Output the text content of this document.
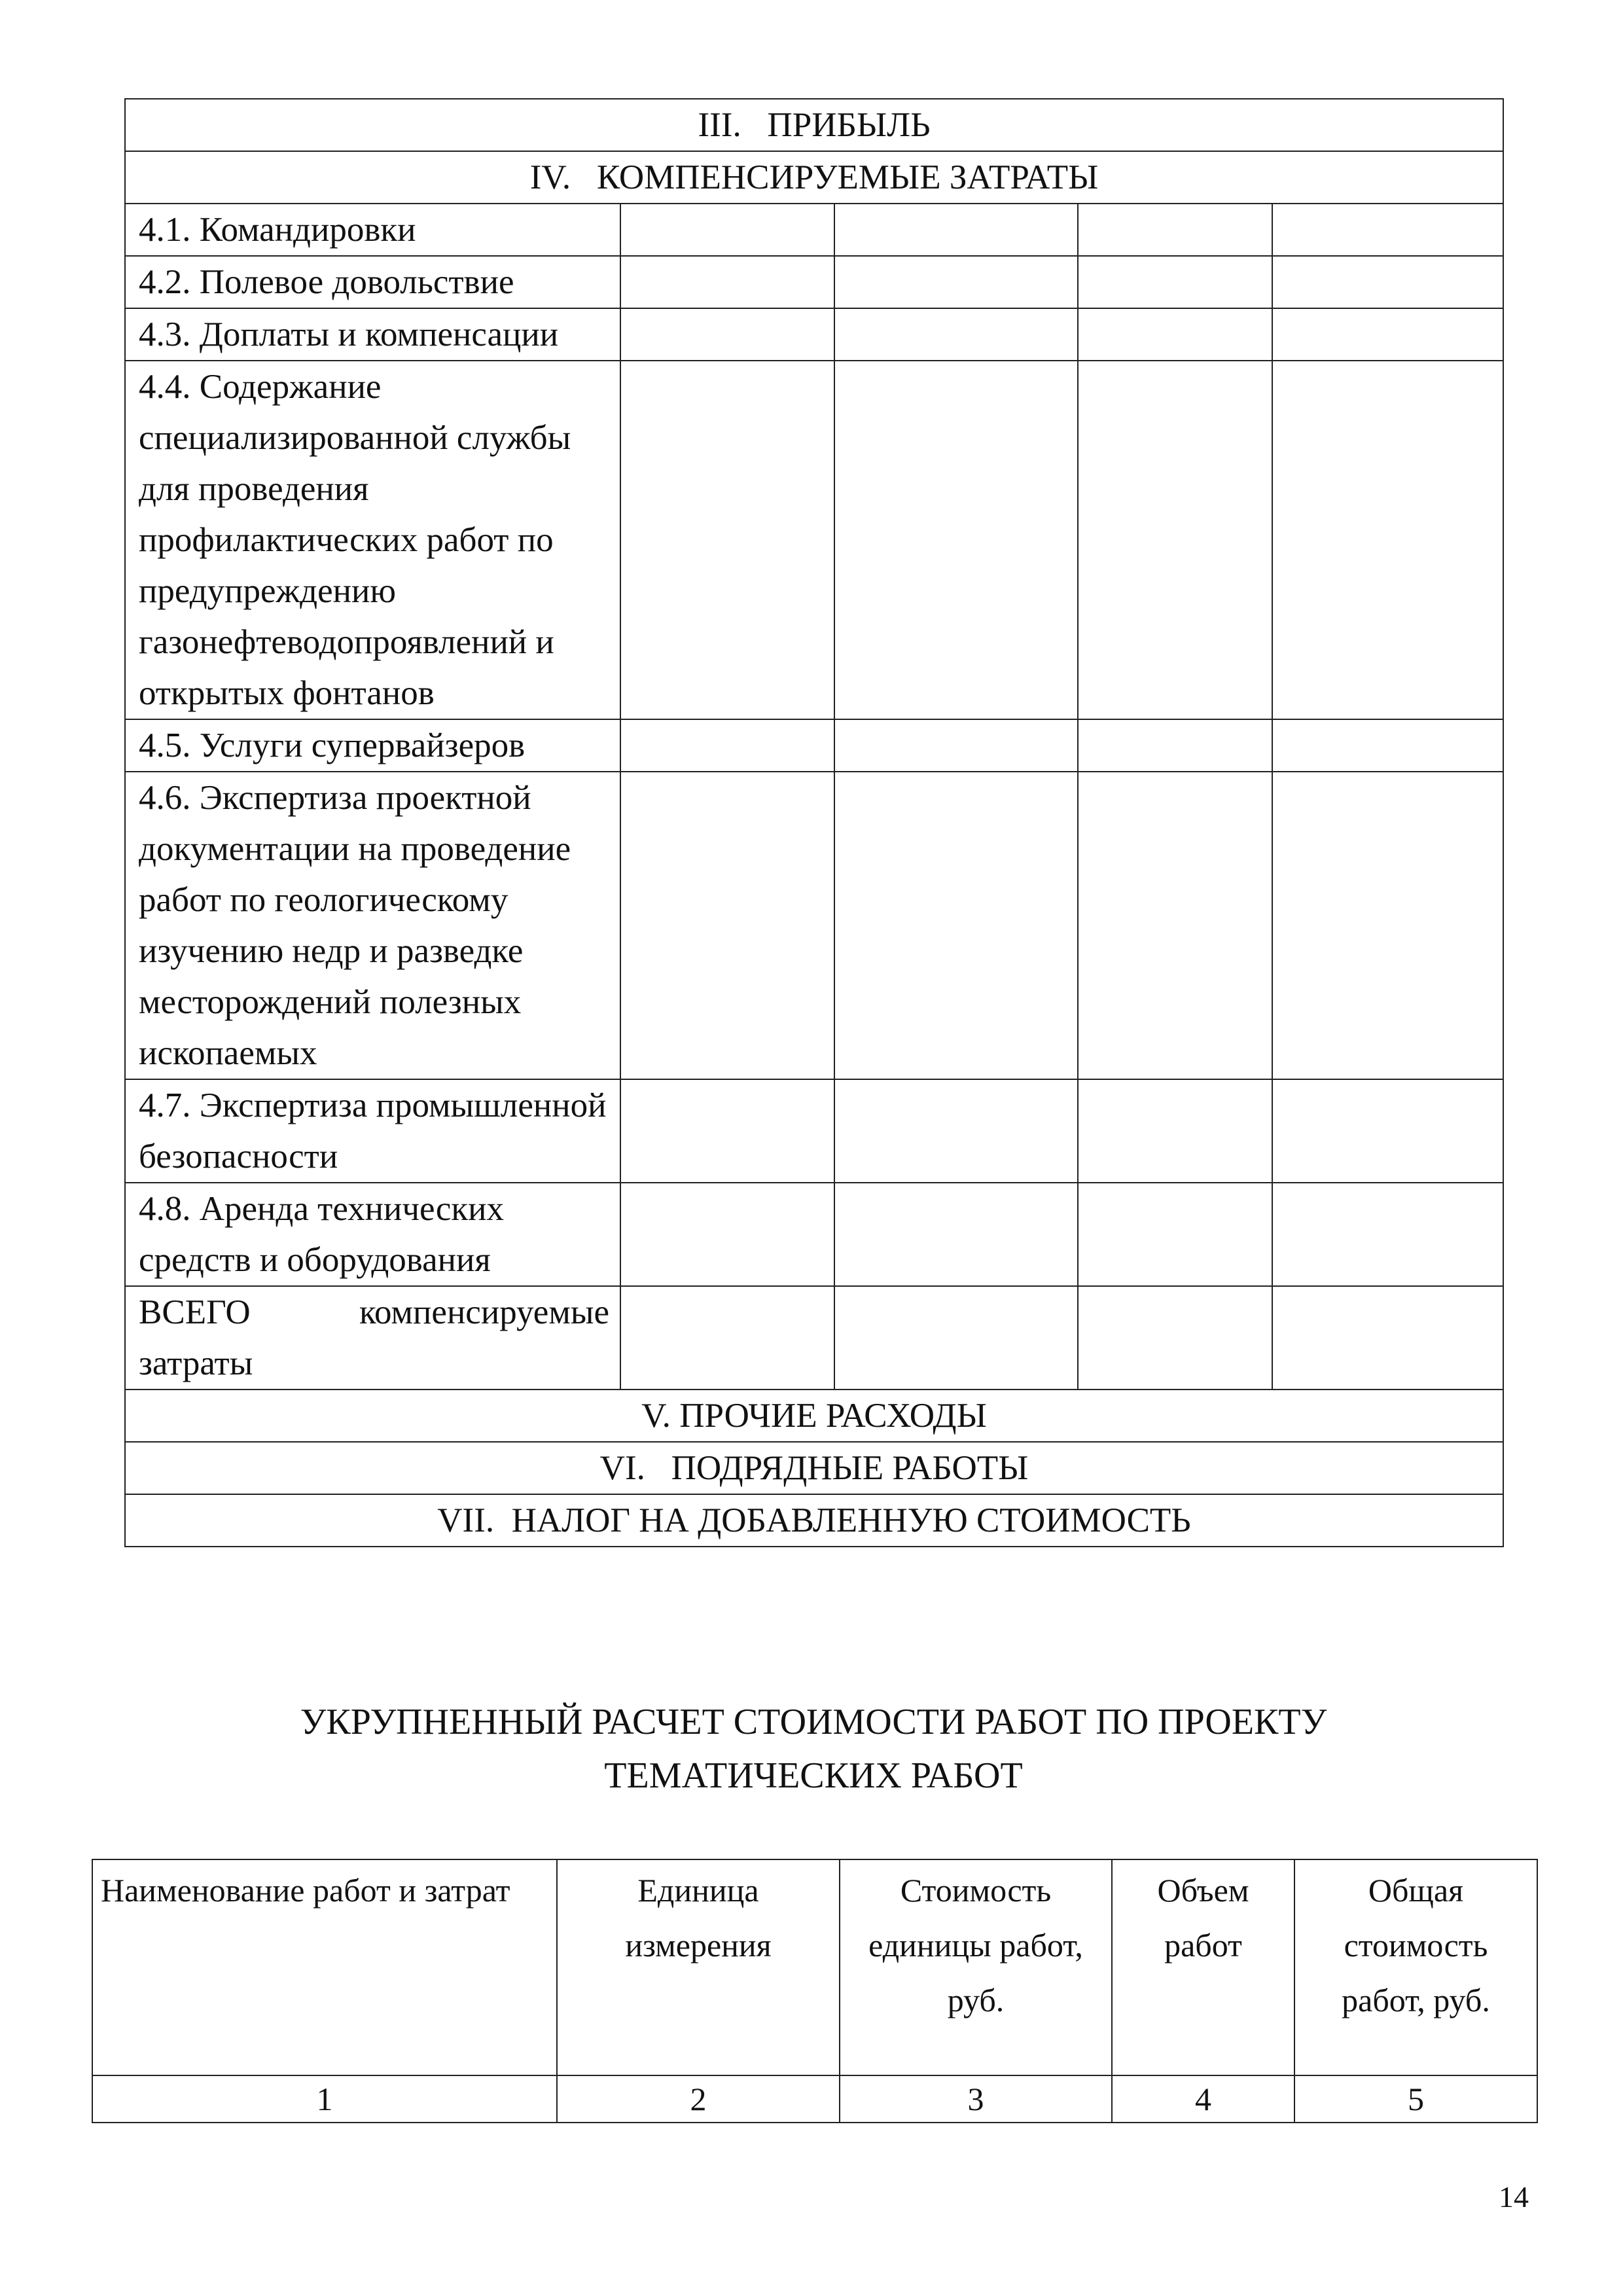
III. ПРИБЫЛЬ				
IV. КОМПЕНСИРУЕМЫЕ ЗАТРАТЫ				
4.1. Командировки				
4.2. Полевое довольствие				
4.3. Доплаты и компенсации				
4.4. Содержание специализированной службы для проведения профилактических работ по предупреждению газонефтеводопроявлений и открытых фонтанов				
4.5. Услуги супервайзеров				
4.6. Экспертиза проектной документации на проведение работ по геологическому изучению недр и разведке месторождений полезных ископаемых				
4.7. Экспертиза промышленной безопасности				
4.8. Аренда технических средств и оборудования				
ВСЕГО компенсируемые затраты				
V. ПРОЧИЕ РАСХОДЫ				
VI. ПОДРЯДНЫЕ РАБОТЫ				
VII. НАЛОГ НА ДОБАВЛЕННУЮ СТОИМОСТЬ				
УКРУПНЕННЫЙ РАСЧЕТ СТОИМОСТИ РАБОТ ПО ПРОЕКТУ
ТЕМАТИЧЕСКИХ РАБОТ
Наименование работ и затрат	Единица измерения	Стоимость единицы работ, руб.	Объем работ	Общая стоимость работ, руб.
1	2	3	4	5
14
